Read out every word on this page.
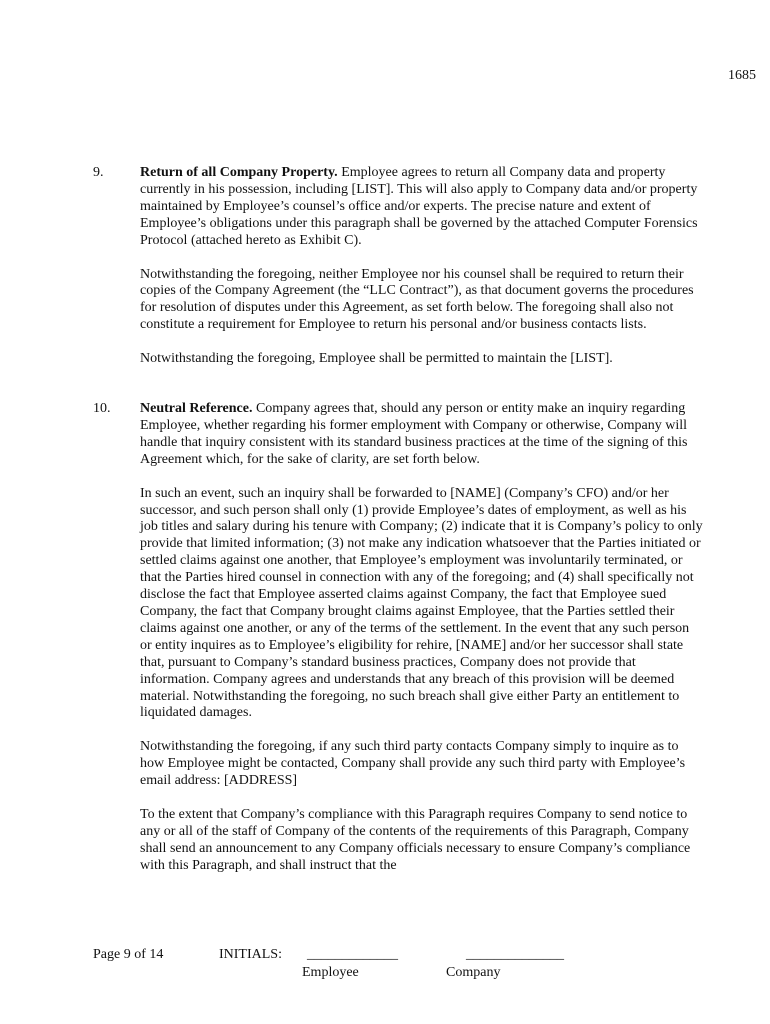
1685
9.	Return of all Company Property. Employee agrees to return all Company data and property currently in his possession, including [LIST]. This will also apply to Company data and/or property maintained by Employee’s counsel’s office and/or experts. The precise nature and extent of Employee’s obligations under this paragraph shall be governed by the attached Computer Forensics Protocol (attached hereto as Exhibit C).

Notwithstanding the foregoing, neither Employee nor his counsel shall be required to return their copies of the Company Agreement (the “LLC Contract”), as that document governs the procedures for resolution of disputes under this Agreement, as set forth below. The foregoing shall also not constitute a requirement for Employee to return his personal and/or business contacts lists.

Notwithstanding the foregoing, Employee shall be permitted to maintain the [LIST].

10. Neutral Reference. Company agrees that, should any person or entity make an inquiry regarding Employee, whether regarding his former employment with Company or otherwise, Company will handle that inquiry consistent with its standard business practices at the time of the signing of this Agreement which, for the sake of clarity, are set forth below.

In such an event, such an inquiry shall be forwarded to [NAME] (Company’s CFO) and/or her successor, and such person shall only (1) provide Employee’s dates of employment, as well as his job titles and salary during his tenure with Company; (2) indicate that it is Company’s policy to only provide that limited information; (3) not make any indication whatsoever that the Parties initiated or settled claims against one another, that Employee’s employment was involuntarily terminated, or that the Parties hired counsel in connection with any of the foregoing; and (4) shall specifically not disclose the fact that Employee asserted claims against Company, the fact that Employee sued Company, the fact that Company brought claims against Employee, that the Parties settled their claims against one another, or any of the terms of the settlement. In the event that any such person or entity inquires as to Employee’s eligibility for rehire, [NAME] and/or her successor shall state that, pursuant to Company’s standard business practices, Company does not provide that information. Company agrees and understands that any breach of this provision will be deemed material. Notwithstanding the foregoing, no such breach shall give either Party an entitlement to liquidated damages.

Notwithstanding the foregoing, if any such third party contacts Company simply to inquire as to how Employee might be contacted, Company shall provide any such third party with Employee’s email address: [ADDRESS]

To the extent that Company’s compliance with this Paragraph requires Company to send notice to any or all of the staff of Company of the contents of the requirements of this Paragraph, Company shall send an announcement to any Company officials necessary to ensure Company’s compliance with this Paragraph, and shall instruct that the

Page 9 of 14	INITIALS: _____________	______________
Employee	Company
